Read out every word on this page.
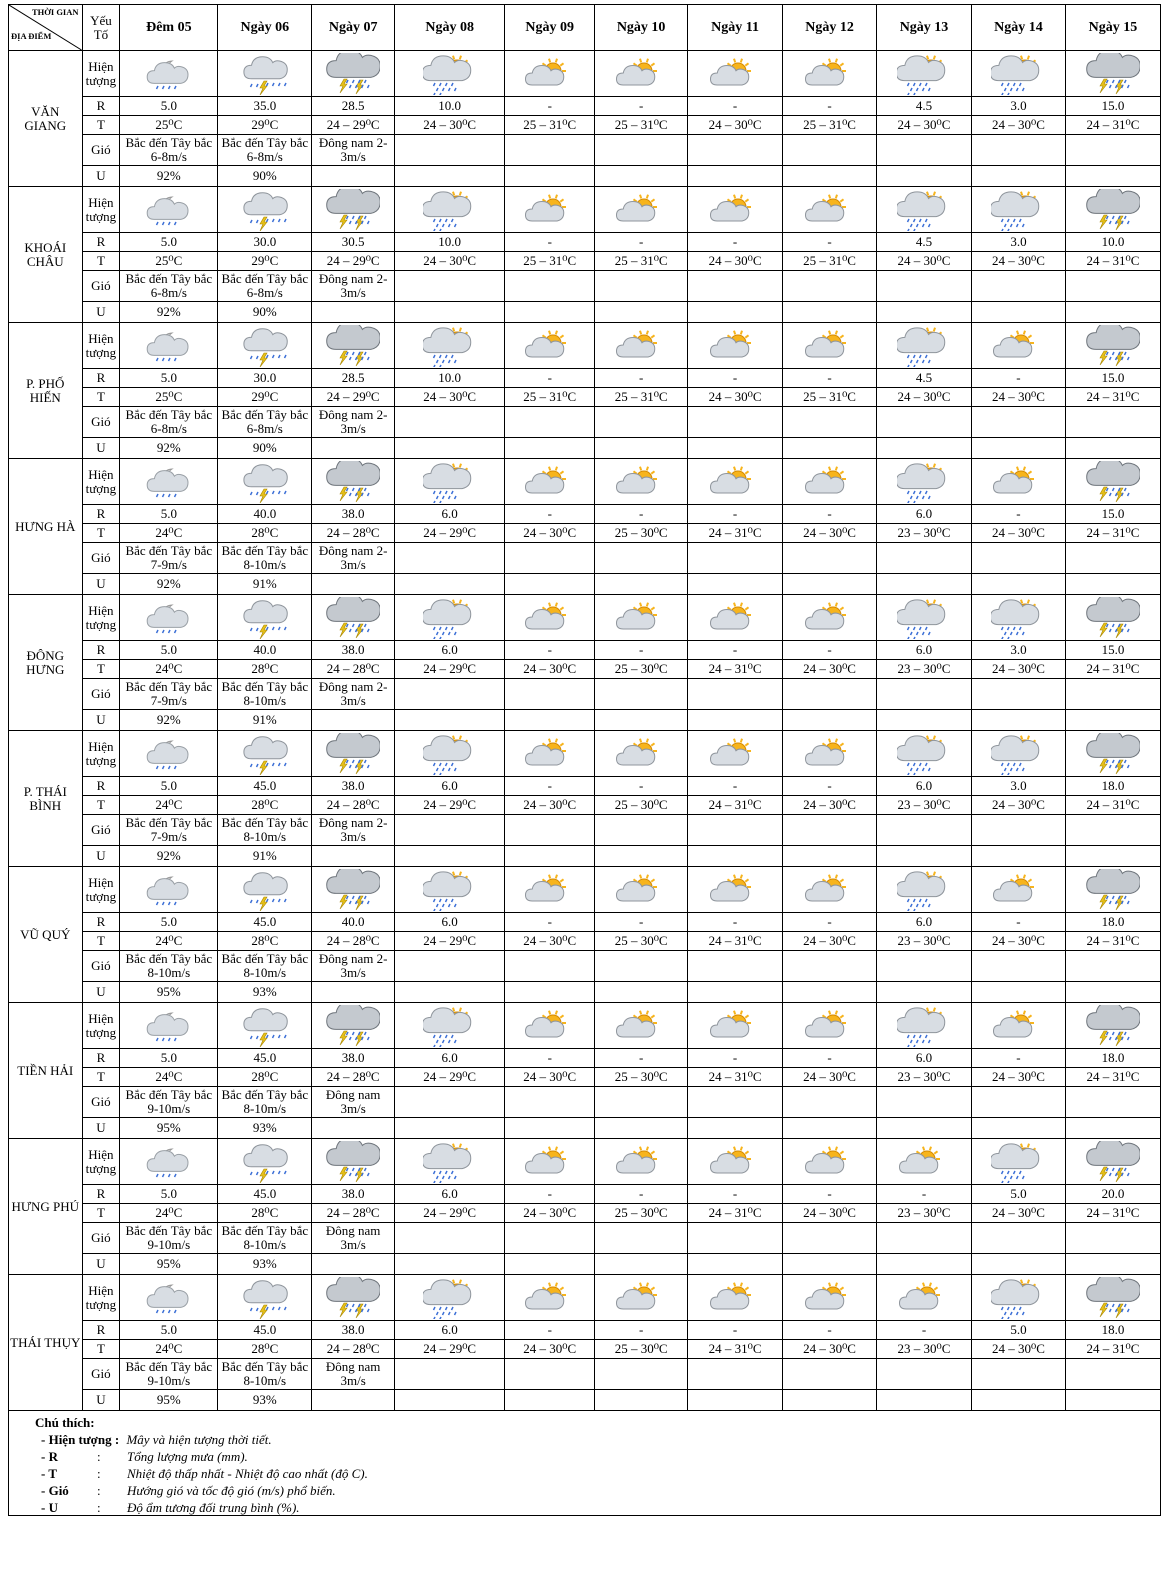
THỜI GIAN
ĐỊA ĐIỂM	Yếu Tố	Đêm 05	Ngày 06	Ngày 07	Ngày 08	Ngày 09	Ngày 10	Ngày 11	Ngày 12	Ngày 13	Ngày 14	Ngày 15
VĂN GIANG	Hiện tượng	

	R	5.0	35.0	28.5	10.0	-	-	-	-	4.5	3.0	15.0
	T	25⁰C	29⁰C	24 – 29⁰C	24 – 30⁰C	25 – 31⁰C	25 – 31⁰C	24 – 30⁰C	25 – 31⁰C	24 – 30⁰C	24 – 30⁰C	24 – 31⁰C
	Gió	Bắc đến Tây bắc 6-8m/s	Bắc đến Tây bắc 6-8m/s	Đông nam 2-3m/s								
	U	92%	90%									
KHOÁI CHÂU	Hiện tượng	

	R	5.0	30.0	30.5	10.0	-	-	-	-	4.5	3.0	10.0
	T	25⁰C	29⁰C	24 – 29⁰C	24 – 30⁰C	25 – 31⁰C	25 – 31⁰C	24 – 30⁰C	25 – 31⁰C	24 – 30⁰C	24 – 30⁰C	24 – 31⁰C
	Gió	Bắc đến Tây bắc 6-8m/s	Bắc đến Tây bắc 6-8m/s	Đông nam 2-3m/s								
	U	92%	90%									
P. PHỐ HIẾN	Hiện tượng	

	R	5.0	30.0	28.5	10.0	-	-	-	-	4.5	-	15.0
	T	25⁰C	29⁰C	24 – 29⁰C	24 – 30⁰C	25 – 31⁰C	25 – 31⁰C	24 – 30⁰C	25 – 31⁰C	24 – 30⁰C	24 – 30⁰C	24 – 31⁰C
	Gió	Bắc đến Tây bắc 6-8m/s	Bắc đến Tây bắc 6-8m/s	Đông nam 2-3m/s								
	U	92%	90%									
HƯNG HÀ	Hiện tượng	

	R	5.0	40.0	38.0	6.0	-	-	-	-	6.0	-	15.0
	T	24⁰C	28⁰C	24 – 28⁰C	24 – 29⁰C	24 – 30⁰C	25 – 30⁰C	24 – 31⁰C	24 – 30⁰C	23 – 30⁰C	24 – 30⁰C	24 – 31⁰C
	Gió	Bắc đến Tây bắc 7-9m/s	Bắc đến Tây bắc 8-10m/s	Đông nam 2-3m/s								
	U	92%	91%									
ĐÔNG HƯNG	Hiện tượng	

	R	5.0	40.0	38.0	6.0	-	-	-	-	6.0	3.0	15.0
	T	24⁰C	28⁰C	24 – 28⁰C	24 – 29⁰C	24 – 30⁰C	25 – 30⁰C	24 – 31⁰C	24 – 30⁰C	23 – 30⁰C	24 – 30⁰C	24 – 31⁰C
	Gió	Bắc đến Tây bắc 7-9m/s	Bắc đến Tây bắc 8-10m/s	Đông nam 2-3m/s								
	U	92%	91%									
P. THÁI BÌNH	Hiện tượng	

	R	5.0	45.0	38.0	6.0	-	-	-	-	6.0	3.0	18.0
	T	24⁰C	28⁰C	24 – 28⁰C	24 – 29⁰C	24 – 30⁰C	25 – 30⁰C	24 – 31⁰C	24 – 30⁰C	23 – 30⁰C	24 – 30⁰C	24 – 31⁰C
	Gió	Bắc đến Tây bắc 7-9m/s	Bắc đến Tây bắc 8-10m/s	Đông nam 2-3m/s								
	U	92%	91%									
VŨ QUÝ	Hiện tượng	

	R	5.0	45.0	40.0	6.0	-	-	-	-	6.0	-	18.0
	T	24⁰C	28⁰C	24 – 28⁰C	24 – 29⁰C	24 – 30⁰C	25 – 30⁰C	24 – 31⁰C	24 – 30⁰C	23 – 30⁰C	24 – 30⁰C	24 – 31⁰C
	Gió	Bắc đến Tây bắc 8-10m/s	Bắc đến Tây bắc 8-10m/s	Đông nam 2-3m/s								
	U	95%	93%									
TIỀN HẢI	Hiện tượng	

	R	5.0	45.0	38.0	6.0	-	-	-	-	6.0	-	18.0
	T	24⁰C	28⁰C	24 – 28⁰C	24 – 29⁰C	24 – 30⁰C	25 – 30⁰C	24 – 31⁰C	24 – 30⁰C	23 – 30⁰C	24 – 30⁰C	24 – 31⁰C
	Gió	Bắc đến Tây bắc 9-10m/s	Bắc đến Tây bắc 8-10m/s	Đông nam 3m/s								
	U	95%	93%									
HƯNG PHÚ	Hiện tượng	

	R	5.0	45.0	38.0	6.0	-	-	-	-	-	5.0	20.0
	T	24⁰C	28⁰C	24 – 28⁰C	24 – 29⁰C	24 – 30⁰C	25 – 30⁰C	24 – 31⁰C	24 – 30⁰C	23 – 30⁰C	24 – 30⁰C	24 – 31⁰C
	Gió	Bắc đến Tây bắc 9-10m/s	Bắc đến Tây bắc 8-10m/s	Đông nam 3m/s								
	U	95%	93%									
THÁI THỤY	Hiện tượng	

	R	5.0	45.0	38.0	6.0	-	-	-	-	-	5.0	18.0
	T	24⁰C	28⁰C	24 – 28⁰C	24 – 29⁰C	24 – 30⁰C	25 – 30⁰C	24 – 31⁰C	24 – 30⁰C	23 – 30⁰C	24 – 30⁰C	24 – 31⁰C
	Gió	Bắc đến Tây bắc 9-10m/s	Bắc đến Tây bắc 8-10m/s	Đông nam 3m/s								
	U	95%	93%									
Chú thích:
- Hiện tượng : Mây và hiện tượng thời tiết.
- R	: Tổng lượng mưa (mm).
- T	: Nhiệt độ thấp nhất - Nhiệt độ cao nhất (độ C).
- Gió : Hướng gió và tốc độ gió (m/s) phổ biến.
- U	: Độ ẩm tương đối trung bình (%).
